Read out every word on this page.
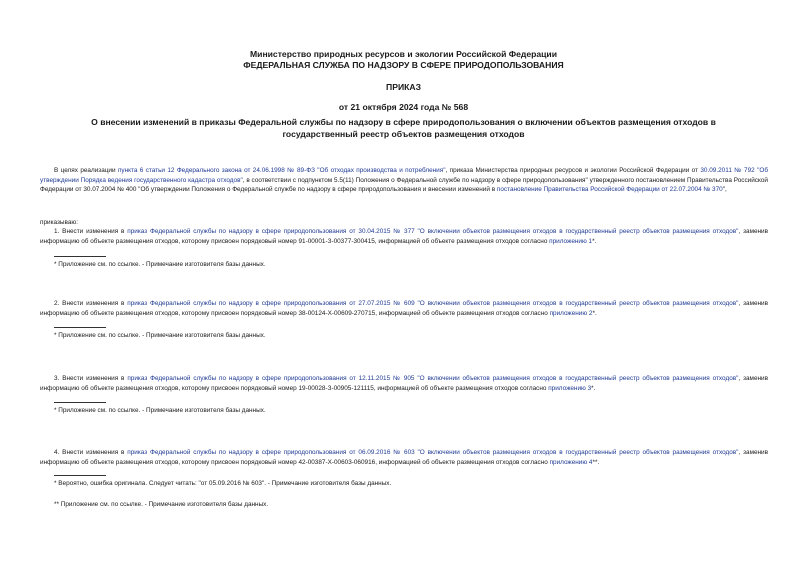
Министерство природных ресурсов и экологии Российской Федерации
ФЕДЕРАЛЬНАЯ СЛУЖБА ПО НАДЗОРУ В СФЕРЕ ПРИРОДОПОЛЬЗОВАНИЯ
ПРИКАЗ
от 21 октября 2024 года № 568
О внесении изменений в приказы Федеральной службы по надзору в сфере природопользования о включении объектов размещения отходов в государственный реестр объектов размещения отходов
В целях реализации пункта 6 статьи 12 Федерального закона от 24.06.1998 № 89-ФЗ "Об отходах производства и потребления", приказа Министерства природных ресурсов и экологии Российской Федерации от 30.09.2011 № 792 "Об утверждении Порядка ведения государственного кадастра отходов", в соответствии с подпунктом 5.5(11) Положения о Федеральной службе по надзору в сфере природопользования" утвержденного постановлением Правительства Российской Федерации от 30.07.2004 № 400 "Об утверждении Положения о Федеральной службе по надзору в сфере природопользования и внесении изменений в постановление Правительства Российской Федерации от 22.07.2004 № 370",
приказываю:
1. Внести изменения в приказ Федеральной службы по надзору в сфере природопользования от 30.04.2015 № 377 "О включении объектов размещения отходов в государственный реестр объектов размещения отходов", заменив информацию об объекте размещения отходов, которому присвоен порядковый номер 91-00001-З-00377-300415, информацией об объекте размещения отходов согласно приложению 1*.
* Приложение см. по ссылке. - Примечание изготовителя базы данных.
2. Внести изменения в приказ Федеральной службы по надзору в сфере природопользования от 27.07.2015 № 609 "О включении объектов размещения отходов в государственный реестр объектов размещения отходов", заменив информацию об объекте размещения отходов, которому присвоен порядковый номер 38-00124-Х-00609-270715, информацией об объекте размещения отходов согласно приложению 2*.
* Приложение см. по ссылке. - Примечание изготовителя базы данных.
3. Внести изменения в приказ Федеральной службы по надзору в сфере природопользования от 12.11.2015 № 905 "О включении объектов размещения отходов в государственный реестр объектов размещения отходов", заменив информацию об объекте размещения отходов, которому присвоен порядковый номер 19-00028-З-00905-121115, информацией об объекте размещения отходов согласно приложению 3*.
* Приложение см. по ссылке. - Примечание изготовителя базы данных.
4. Внести изменения в приказ Федеральной службы по надзору в сфере природопользования от 06.09.2016 № 603 "О включении объектов размещения отходов в государственный реестр объектов размещения отходов", заменив информацию об объекте размещения отходов, которому присвоен порядковый номер 42-00387-Х-00603-060916, информацией об объекте размещения отходов согласно приложению 4**.
* Вероятно, ошибка оригинала. Следует читать: "от 05.09.2016 № 603". - Примечание изготовителя базы данных.
** Приложение см. по ссылке. - Примечание изготовителя базы данных.
